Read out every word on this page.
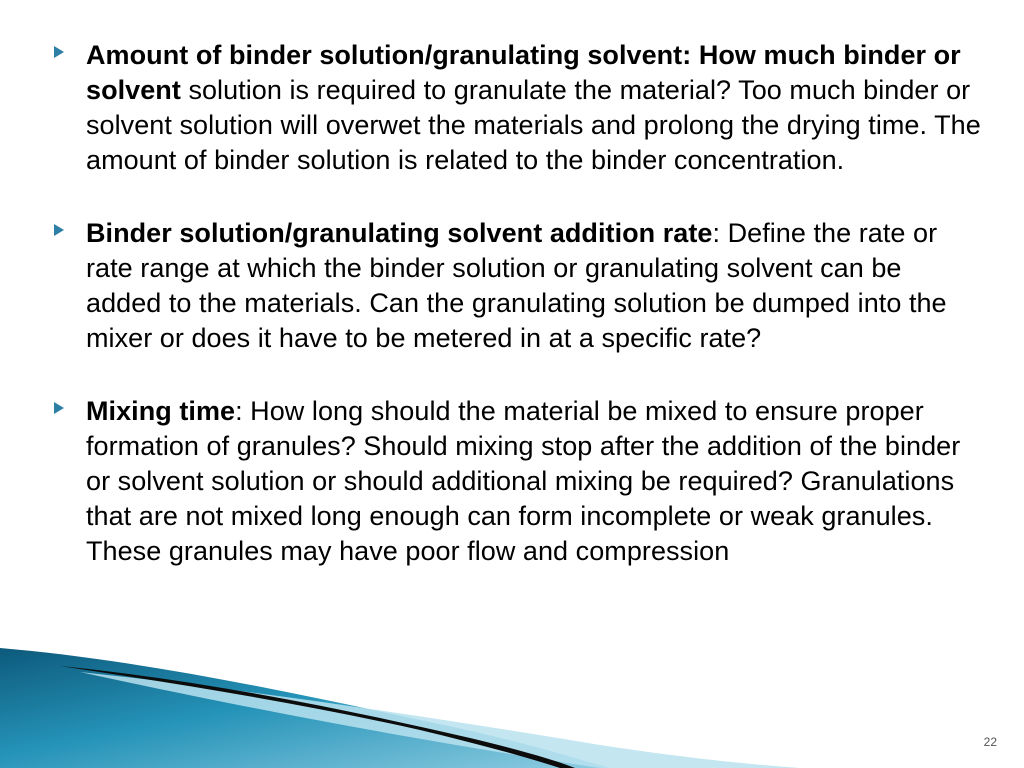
Amount of binder solution/granulating solvent: How much binder or solvent solution is required to granulate the material? Too much binder or solvent solution will overwet the materials and prolong the drying time. The amount of binder solution is related to the binder concentration.

Binder solution/granulating solvent addition rate: Define the rate or rate range at which the binder solution or granulating solvent can be added to the materials. Can the granulating solution be dumped into the mixer or does it have to be metered in at a specific rate?

Mixing time: How long should the material be mixed to ensure proper formation of granules? Should mixing stop after the addition of the binder or solvent solution or should additional mixing be required? Granulations that are not mixed long enough can form incomplete or weak granules. These granules may have poor flow and compression

22
